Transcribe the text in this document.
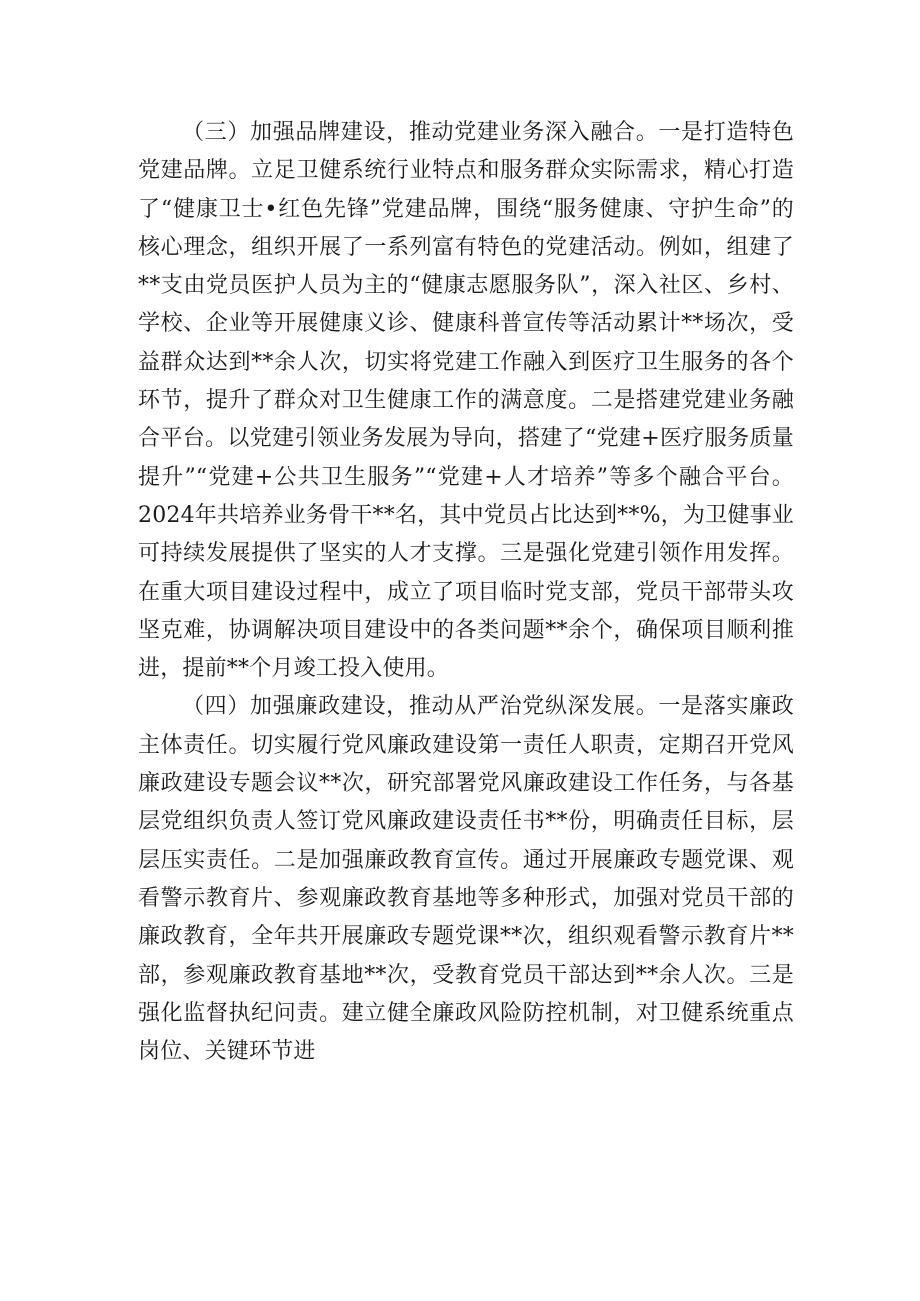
（三）加强品牌建设，推动党建业务深入融合。一是打造特色党建品牌。立足卫健系统行业特点和服务群众实际需求，精心打造了“健康卫士•红色先锋”党建品牌，围绕“服务健康、守护生命”的核心理念，组织开展了一系列富有特色的党建活动。例如，组建了**支由党员医护人员为主的“健康志愿服务队”，深入社区、乡村、学校、企业等开展健康义诊、健康科普宣传等活动累计**场次，受益群众达到**余人次，切实将党建工作融入到医疗卫生服务的各个环节，提升了群众对卫生健康工作的满意度。二是搭建党建业务融合平台。以党建引领业务发展为导向，搭建了“党建+医疗服务质量提升”“党建+公共卫生服务”“党建+人才培养”等多个融合平台。2024年共培养业务骨干**名，其中党员占比达到**%，为卫健事业可持续发展提供了坚实的人才支撑。三是强化党建引领作用发挥。在重大项目建设过程中，成立了项目临时党支部，党员干部带头攻坚克难，协调解决项目建设中的各类问题**余个，确保项目顺利推进，提前**个月竣工投入使用。

（四）加强廉政建设，推动从严治党纵深发展。一是落实廉政主体责任。切实履行党风廉政建设第一责任人职责，定期召开党风廉政建设专题会议**次，研究部署党风廉政建设工作任务，与各基层党组织负责人签订党风廉政建设责任书**份，明确责任目标，层层压实责任。二是加强廉政教育宣传。通过开展廉政专题党课、观看警示教育片、参观廉政教育基地等多种形式，加强对党员干部的廉政教育，全年共开展廉政专题党课**次，组织观看警示教育片**部，参观廉政教育基地**次，受教育党员干部达到**余人次。三是强化监督执纪问责。建立健全廉政风险防控机制，对卫健系统重点岗位、关键环节进
